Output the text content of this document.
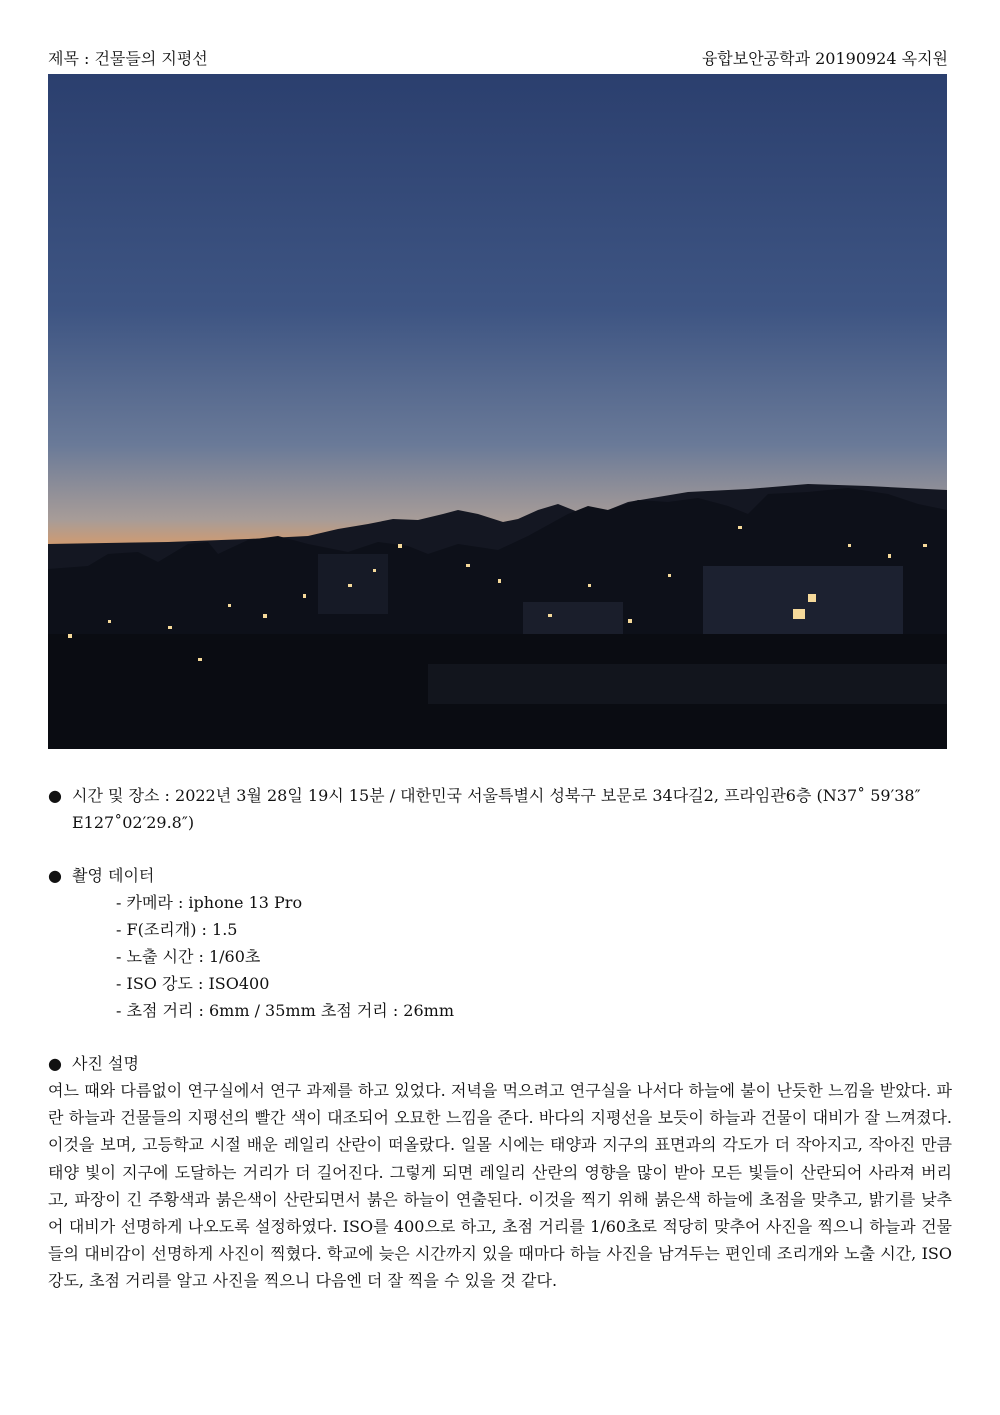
제목 : 건물들의 지평선	융합보안공학과 20190924 옥지원
● 시간 및 장소 : 2022년 3월 28일 19시 15분 / 대한민국 서울특별시 성북구 보문로 34다길2, 프라임관6층 (N37˚ 59′38″ E127˚02′29.8″)
● 촬영 데이터
- 카메라 : iphone 13 Pro
- F(조리개) : 1.5
- 노출 시간 : 1/60초
- ISO 강도 : ISO400
- 초점 거리 : 6mm / 35mm 초점 거리 : 26mm
● 사진 설명
여느 때와 다름없이 연구실에서 연구 과제를 하고 있었다. 저녁을 먹으려고 연구실을 나서다 하늘에 불이 난듯한 느낌을 받았다. 파란 하늘과 건물들의 지평선의 빨간 색이 대조되어 오묘한 느낌을 준다. 바다의 지평선을 보듯이 하늘과 건물이 대비가 잘 느껴졌다. 이것을 보며, 고등학교 시절 배운 레일리 산란이 떠올랐다. 일몰 시에는 태양과 지구의 표면과의 각도가 더 작아지고, 작아진 만큼 태양 빛이 지구에 도달하는 거리가 더 길어진다. 그렇게 되면 레일리 산란의 영향을 많이 받아 모든 빛들이 산란되어 사라져 버리고, 파장이 긴 주황색과 붉은색이 산란되면서 붉은 하늘이 연출된다. 이것을 찍기 위해 붉은색 하늘에 초점을 맞추고, 밝기를 낮추어 대비가 선명하게 나오도록 설정하였다. ISO를 400으로 하고, 초점 거리를 1/60초로 적당히 맞추어 사진을 찍으니 하늘과 건물들의 대비감이 선명하게 사진이 찍혔다. 학교에 늦은 시간까지 있을 때마다 하늘 사진을 남겨두는 편인데 조리개와 노출 시간, ISO강도, 초점 거리를 알고 사진을 찍으니 다음엔 더 잘 찍을 수 있을 것 같다.
